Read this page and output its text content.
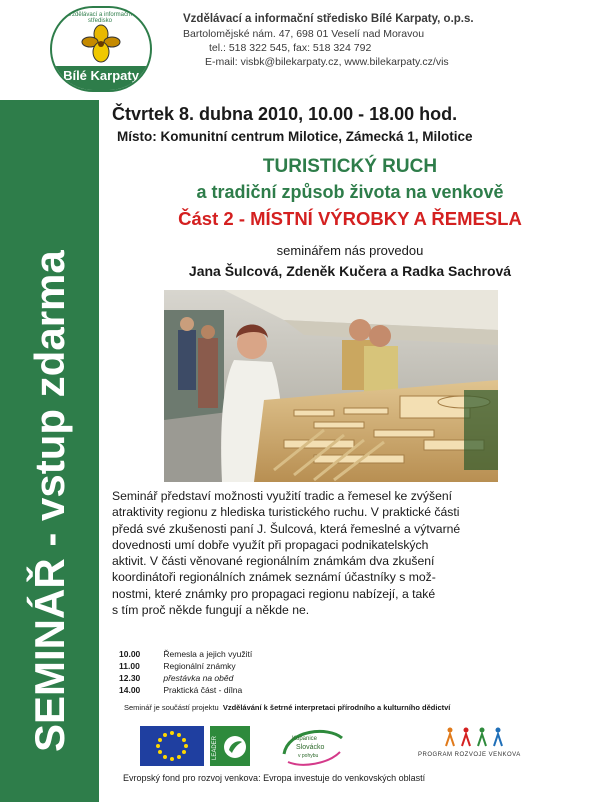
Vzdělávací a informační středisko
Bílé Karpaty
Vzdělávací a informační středisko Bílé Karpaty, o.p.s.
Bartolomějské nám. 47, 698 01 Veselí nad Moravou
tel.: 518 322 545, fax: 518 324 792
E-mail: visbk@bilekarpaty.cz, www.bilekarpaty.cz/vis
SEMINÁŘ - vstup zdarma
Čtvrtek 8. dubna 2010, 10.00 - 18.00 hod.
Místo: Komunitní centrum Milotice, Zámecká 1, Milotice
TURISTICKÝ RUCH
a tradiční způsob života na venkově
Část 2 - MÍSTNÍ VÝROBKY A ŘEMESLA
seminářem nás provedou
Jana Šulcová, Zdeněk Kučera a Radka Sachrová
Seminář představí možnosti využití tradic a řemesel ke zvýšení
atraktivity regionu z hlediska turistického ruchu. V praktické části
předá své zkušenosti paní J. Šulcová, která řemeslné a výtvarné
dovednosti umí dobře využít při propagaci podnikatelských
aktivit. V části věnované regionálním známkám dva zkušení
koordinátoři regionálních známek seznámí účastníky s mož-
nostmi, které známky pro propagaci regionu nabízejí, a také
s tím proč někde fungují a někde ne.
10.00	Řemesla a jejich využití
11.00	Regionální známky
12.30	přestávka na oběd
14.00	Praktická část - dílna
Seminář je součástí projektu Vzdělávání k šetrné interpretaci přírodního a kulturního dědictví
LEADER	Kopanice
Slovácko
v pohybu	PROGRAM ROZVOJE VENKOVA
Evropský fond pro rozvoj venkova: Evropa investuje do venkovských oblastí
